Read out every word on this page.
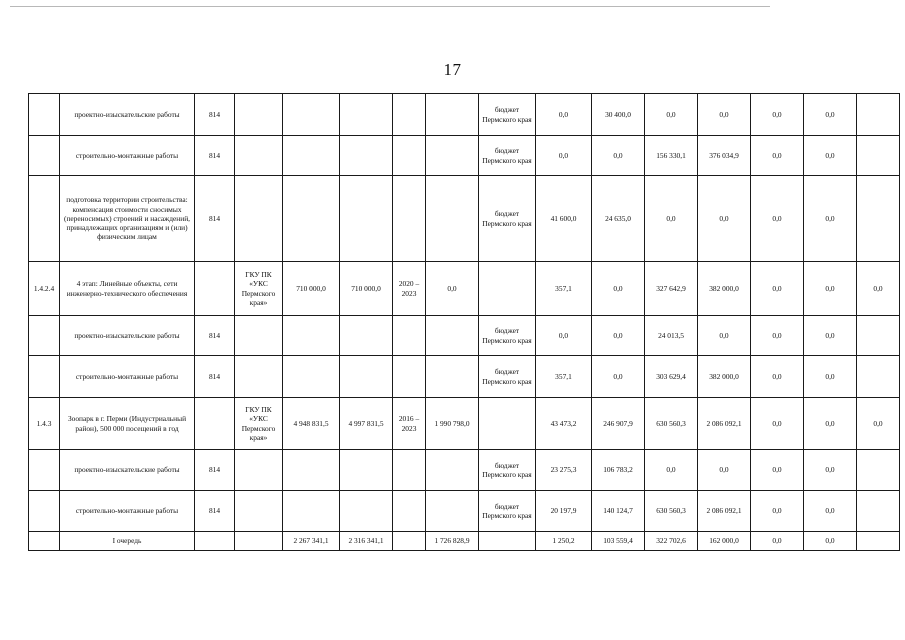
17
	проектно-изыскательские работы	814						бюджет Пермского края	0,0	30 400,0	0,0	0,0	0,0	0,0	
	строительно-монтажные работы	814						бюджет Пермского края	0,0	0,0	156 330,1	376 034,9	0,0	0,0	
	подготовка территории строительства: компенсация стоимости сносимых (переносимых) строений и насаждений, принадлежащих организациям и (или) физическим лицам	814						бюджет Пермского края	41 600,0	24 635,0	0,0	0,0	0,0	0,0	
1.4.2.4	4 этап: Линейные объекты, сети инженерно-технического обеспечения		ГКУ ПК «УКС Пермского края»	710 000,0	710 000,0	2020 – 2023	0,0		357,1	0,0	327 642,9	382 000,0	0,0	0,0	0,0
	проектно-изыскательские работы	814						бюджет Пермского края	0,0	0,0	24 013,5	0,0	0,0	0,0	
	строительно-монтажные работы	814						бюджет Пермского края	357,1	0,0	303 629,4	382 000,0	0,0	0,0	
1.4.3	Зоопарк в г. Перми (Индустриальный район), 500 000 посещений в год		ГКУ ПК «УКС Пермского края»	4 948 831,5	4 997 831,5	2016 – 2023	1 990 798,0		43 473,2	246 907,9	630 560,3	2 086 092,1	0,0	0,0	0,0
	проектно-изыскательские работы	814						бюджет Пермского края	23 275,3	106 783,2	0,0	0,0	0,0	0,0	
	строительно-монтажные работы	814						бюджет Пермского края	20 197,9	140 124,7	630 560,3	2 086 092,1	0,0	0,0	
	I очередь			2 267 341,1	2 316 341,1		1 726 828,9		1 250,2	103 559,4	322 702,6	162 000,0	0,0	0,0	
